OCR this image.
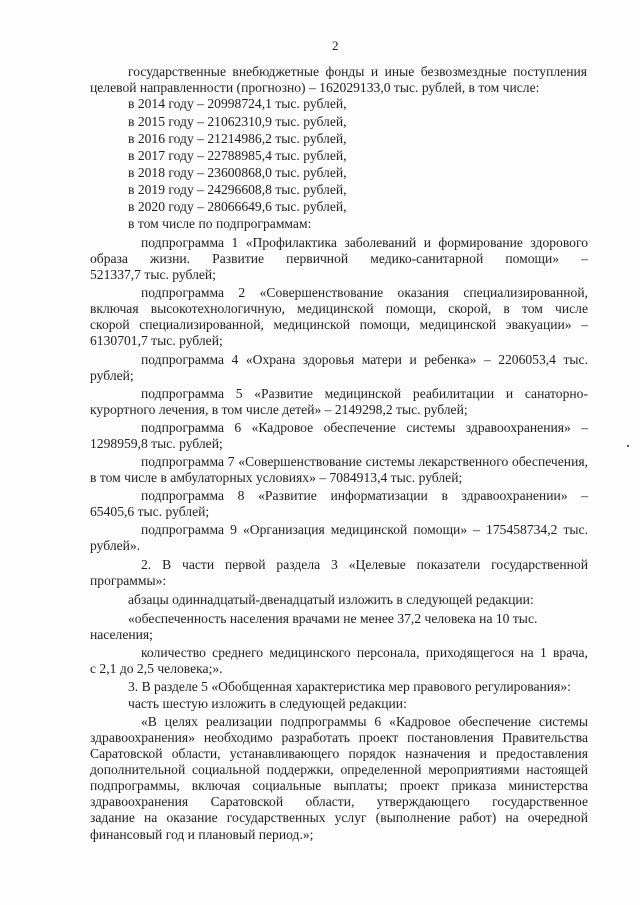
2
государственные внебюджетные фонды и иные безвозмездные поступления
целевой направленности (прогнозно) – 162029133,0 тыс. рублей, в том числе:
в 2014 году – 20998724,1 тыс. рублей,
в 2015 году – 21062310,9 тыс. рублей,
в 2016 году – 21214986,2 тыс. рублей,
в 2017 году – 22788985,4 тыс. рублей,
в 2018 году – 23600868,0 тыс. рублей,
в 2019 году – 24296608,8 тыс. рублей,
в 2020 году – 28066649,6 тыс. рублей,
в том числе по подпрограммам:
подпрограмма 1 «Профилактика заболеваний и формирование здорового
образа жизни. Развитие первичной медико-санитарной помощи» –
521337,7 тыс. рублей;
подпрограмма 2 «Совершенствование оказания специализированной,
включая высокотехнологичную, медицинской помощи, скорой, в том числе
скорой специализированной, медицинской помощи, медицинской эвакуации» –
6130701,7 тыс. рублей;
подпрограмма 4 «Охрана здоровья матери и ребенка» – 2206053,4 тыс.
рублей;
подпрограмма 5 «Развитие медицинской реабилитации и санаторно-
курортного лечения, в том числе детей» – 2149298,2 тыс. рублей;
подпрограмма 6 «Кадровое обеспечение системы здравоохранения» –
1298959,8 тыс. рублей;
подпрограмма 7 «Совершенствование системы лекарственного обеспечения,
в том числе в амбулаторных условиях» – 7084913,4 тыс. рублей;
подпрограмма 8 «Развитие информатизации в здравоохранении» –
65405,6 тыс. рублей;
подпрограмма 9 «Организация медицинской помощи» – 175458734,2 тыс.
рублей».
2. В части первой раздела 3 «Целевые показатели государственной
программы»:
абзацы одиннадцатый-двенадцатый изложить в следующей редакции:
«обеспеченность населения врачами не менее 37,2 человека на 10 тыс.
населения;
количество среднего медицинского персонала, приходящегося на 1 врача,
с 2,1 до 2,5 человека;».
3. В разделе 5 «Обобщенная характеристика мер правового регулирования»:
часть шестую изложить в следующей редакции:
«В целях реализации подпрограммы 6 «Кадровое обеспечение системы
здравоохранения» необходимо разработать проект постановления Правительства
Саратовской области, устанавливающего порядок назначения и предоставления
дополнительной социальной поддержки, определенной мероприятиями настоящей
подпрограммы, включая социальные выплаты; проект приказа министерства
здравоохранения Саратовской области, утверждающего государственное
задание на оказание государственных услуг (выполнение работ) на очередной
финансовый год и плановый период.»;
